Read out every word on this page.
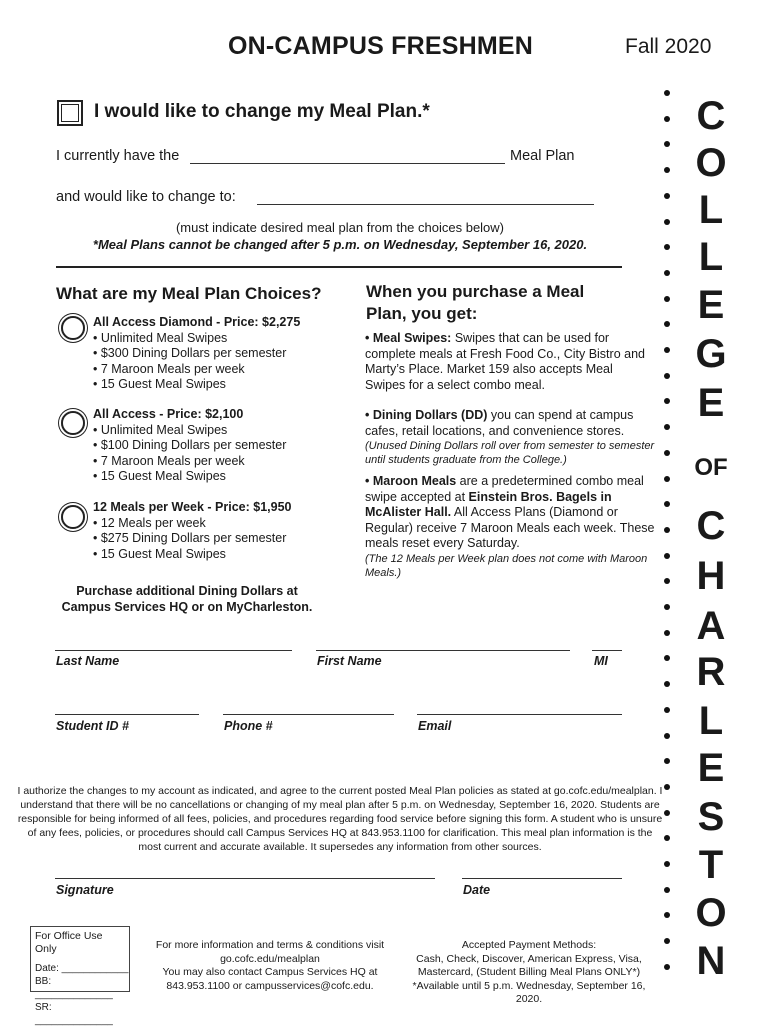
ON-CAMPUS FRESHMEN	Fall 2020
I would like to change my Meal Plan.*
I currently have the	Meal Plan
and would like to change to:
(must indicate desired meal plan from the choices below)
*Meal Plans cannot be changed after 5 p.m. on Wednesday, September 16, 2020.
What are my Meal Plan Choices?
All Access Diamond - Price: $2,275
• Unlimited Meal Swipes
• $300 Dining Dollars per semester
• 7 Maroon Meals per week
• 15 Guest Meal Swipes
All Access - Price: $2,100
• Unlimited Meal Swipes
• $100 Dining Dollars per semester
• 7 Maroon Meals per week
• 15 Guest Meal Swipes
12 Meals per Week - Price: $1,950
• 12 Meals per week
• $275 Dining Dollars per semester
• 15 Guest Meal Swipes
Purchase additional Dining Dollars at Campus Services HQ or on MyCharleston.
When you purchase a Meal Plan, you get:
• Meal Swipes: Swipes that can be used for complete meals at Fresh Food Co., City Bistro and Marty’s Place. Market 159 also accepts Meal Swipes for a select combo meal.
• Dining Dollars (DD) you can spend at campus cafes, retail locations, and convenience stores.
(Unused Dining Dollars roll over from semester to semester until students graduate from the College.)
• Maroon Meals are a predetermined combo meal swipe accepted at Einstein Bros. Bagels in McAlister Hall. All Access Plans (Diamond or Regular) receive 7 Maroon Meals each week. These meals reset every Saturday.
(The 12 Meals per Week plan does not come with Maroon Meals.)
Last Name	First Name	MI
Student ID #	Phone #	Email
I authorize the changes to my account as indicated, and agree to the current posted Meal Plan policies as stated at go.cofc.edu/mealplan. I understand that there will be no cancellations or changing of my meal plan after 5 p.m. on Wednesday, September 16, 2020. Students are responsible for being informed of all fees, policies, and procedures regarding food service before signing this form. A student who is unsure of any fees, policies, or procedures should call Campus Services HQ at 843.953.1100 for clarification. This meal plan information is the most current and accurate available. It supersedes any information from other sources.
Signature	Date
For Office Use Only
Date: ____________
BB: ______________
SR: ______________
For more information and terms & conditions visit
go.cofc.edu/mealplan
You may also contact Campus Services HQ at
843.953.1100 or campusservices@cofc.edu.
Accepted Payment Methods:
Cash, Check, Discover, American Express, Visa,
Mastercard, (Student Billing Meal Plans ONLY*)
*Available until 5 p.m. Wednesday, September 16, 2020.
C
O
L
L
E
G
E
OF
C
H
A
R
L
E
S
T
O
N
